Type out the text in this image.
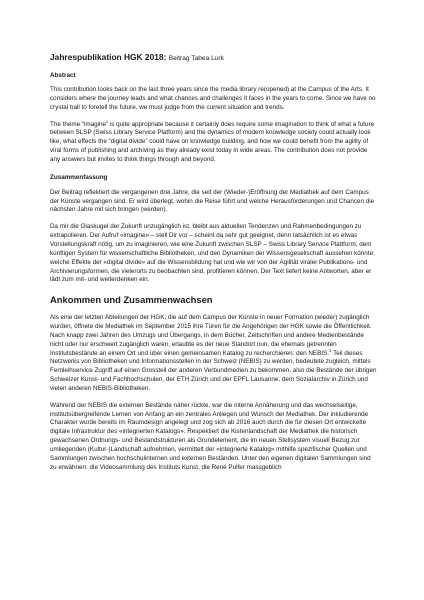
Jahrespublikation HGK 2018: Beitrag Tabea Lurk

Abstract

This contribution looks back on the last three years since the media library re(opened) at the Campus of the Arts. It considers where the journey leads and what chances and challenges it faces in the years to come. Since we have no crystal ball to foretell the future, we must judge from the current situation and trends.

The theme “imagine” is quite appropriate because it certainly does require some imagination to think of what a future between SLSP (Swiss Library Service Platform) and the dynamics of modern knowledge society could actually look like; what effects the “digital divide” could have on knowledge building, and how we could benefit from the agility of viral forms of publishing and archiving as they already exist today in wide areas. The contribution does not provide any answers but invites to think things through and beyond.

Zusammenfassung

Der Beitrag reflektiert die vergangenen drei Jahre, die seit der (Wieder-)Eröffnung der Mediathek auf dem Campus der Künste vergangen sind. Er wird überlegt, wohin die Reise führt und welche Herausforderungen und Chancen die nächsten Jahre mit sich bringen (werden).

Da mir die Glaskugel der Zukunft unzugänglich ist, bleibt aus aktuellen Tendenzen und Rahmenbedingungen zu extrapolieren. Der Aufruf «imagine» – stell Dir vor – scheint da sehr gut geeignet, denn tatsächlich ist es etwas Vorstellungskraft nötig, um zu imaginieren, wie eine Zukunft zwischen SLSP – Swiss Library Service Plattform, dem künftigen System für wissenschaftliche Bibliotheken, und den Dynamiken der Wissensgesellschaft aussehen könnte; welche Effekte der «digital divide» auf die Wissensbildung hat und wie wir von der Agilität viraler Publikations- und Archivierungsformen, die vielerorts zu beobachten sind, profitieren können. Der Text liefert keine Antworten, aber er lädt zum mit- und weiterdenken ein.

Ankommen und Zusammenwachsen

Als eine der letzten Abteilungen der HGK, die auf dem Campus der Künste in neuer Formation (wieder) zugänglich wurden, öffnete die Mediathek im September 2015 ihre Türen für die Angehörigen der HGK sowie die Öffentlichkeit. Nach knapp zwei Jahren des Umzugs und Übergangs, in dem Bücher, Zeitschriften und andere Medienbestände nicht oder nur erschwert zugänglich waren, erlaubte es der neue Standort nun, die ehemals getrennten Institutsbestände an einem Ort und über einen gemeinsamen Katalog zu recherchieren: den NEBIS.$^1$ Teil dieses Netzwerks von Bibliotheken und Informationsstellen in der Schweiz (NEBIS) zu werden, bedeutete zugleich, mittels Fernleihservice Zugriff auf einen Grossteil der anderen Verbundmedien zu bekommen, also die Bestände der übrigen Schweizer Kunst- und Fachhochschulen, der ETH Zürich und der EPFL Lausanne, dem Sozialarchiv in Zürich und vielen anderen NEBIS-Bibliotheken.

Während der NEBIS die externen Bestände näher rückte, war die interne Annäherung und das wechselseitige, institutsübergreifende Lernen von Anfang an ein zentrales Anliegen und Wunsch der Mediathek. Der inkludierende Charakter wurde bereits im Raumdesign angelegt und zog sich ab 2016 auch durch die für diesen Ort entwickelte digitale Infrastruktur des «integrierten Katalogs». Respektiert die Kistenlandschaft der Mediathek die historisch gewachsenen Ordnungs- und Bestandstrukturen als Grundelement, die im neuen Stellsystem visuell Bezug zur umliegenden (Kultur-)Landschaft aufnehmen, vermittelt der «integrierte Katalog» mithilfe spezifischer Quellen und Sammlungen zwischen hochschulinternen und externen Beständen. Unter den eigenen digitalen Sammlungen sind zu erwähnen: die Videosammlung des Instituts Kunst, die René Pulfer massgeblich
